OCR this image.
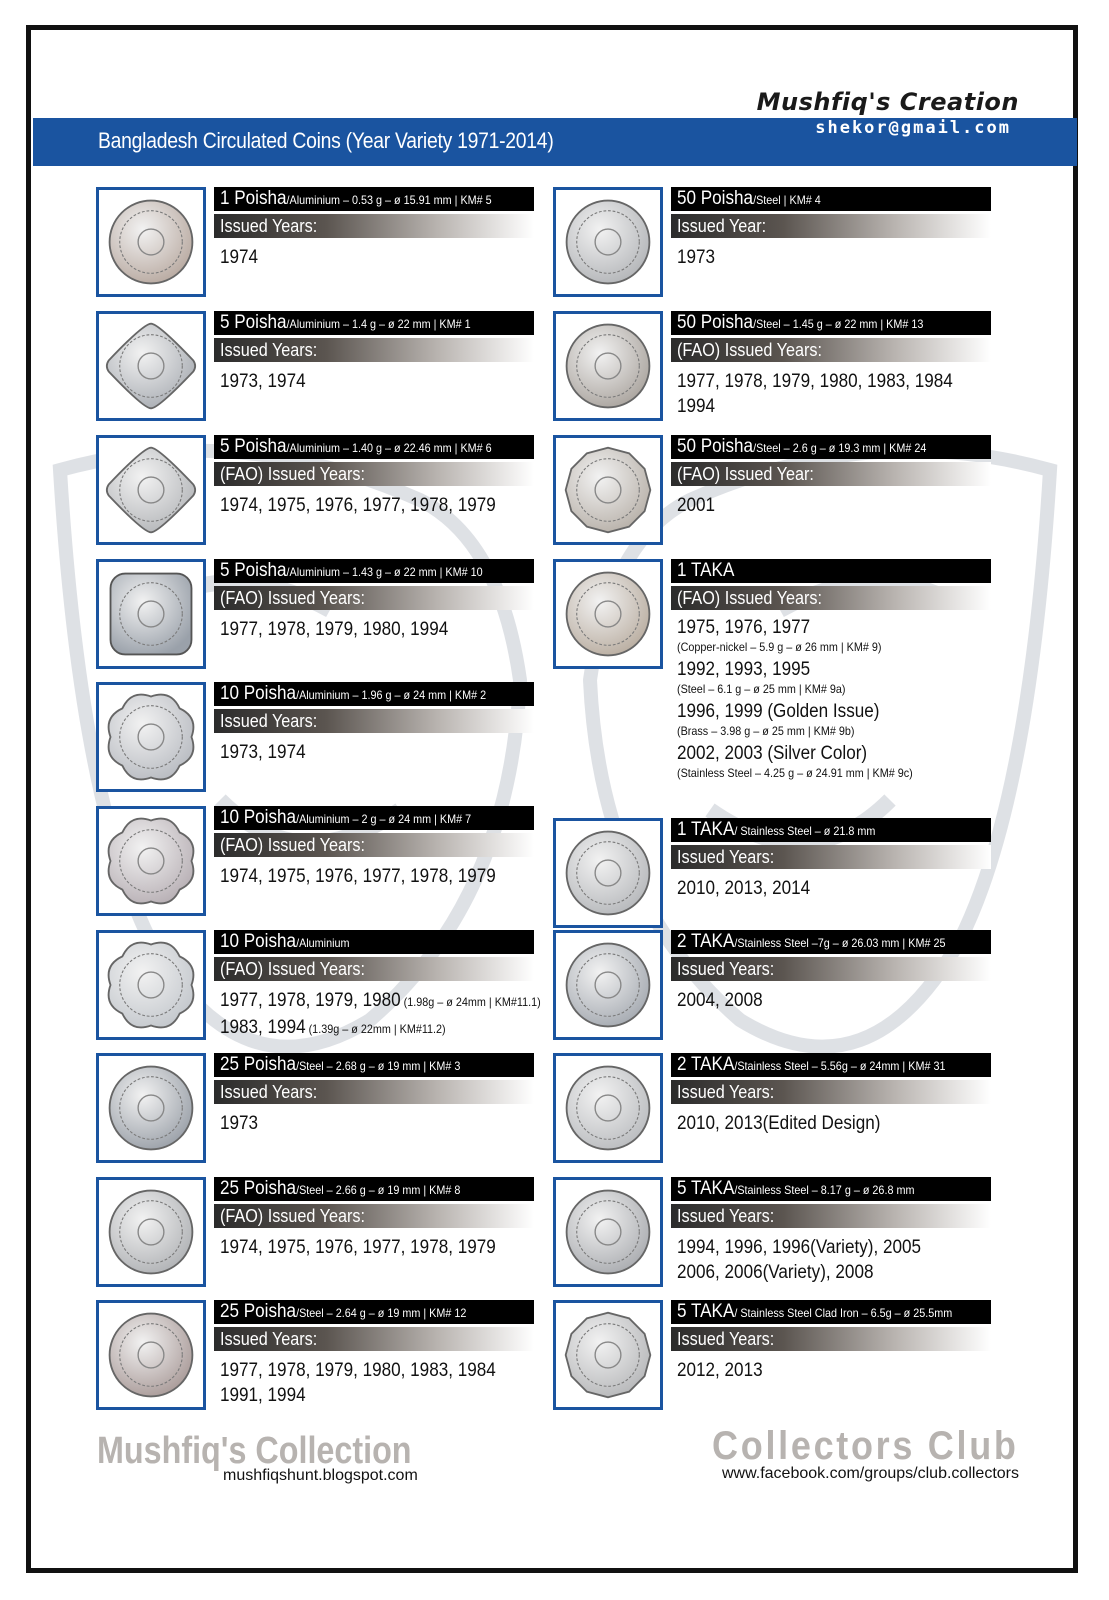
Mushfiq's Creation
Bangladesh Circulated Coins (Year Variety 1971-2014)	shekor@gmail.com
1 Poisha/Aluminium – 0.53 g – ø 15.91 mm | KM# 5
Issued Years:
1974
5 Poisha/Aluminium – 1.4 g – ø 22 mm | KM# 1
Issued Years:
1973, 1974
5 Poisha/Aluminium – 1.40 g – ø 22.46 mm | KM# 6
(FAO) Issued Years:
1974, 1975, 1976, 1977, 1978, 1979
5 Poisha/Aluminium – 1.43 g – ø 22 mm | KM# 10
(FAO) Issued Years:
1977, 1978, 1979, 1980, 1994
10 Poisha/Aluminium – 1.96 g – ø 24 mm | KM# 2
Issued Years:
1973, 1974
10 Poisha/Aluminium – 2 g – ø 24 mm | KM# 7
(FAO) Issued Years:
1974, 1975, 1976, 1977, 1978, 1979
10 Poisha/Aluminium
(FAO) Issued Years:
1977, 1978, 1979, 1980 (1.98g – ø 24mm | KM#11.1)
1983, 1994 (1.39g – ø 22mm | KM#11.2)
25 Poisha/Steel – 2.68 g – ø 19 mm | KM# 3
Issued Years:
1973
25 Poisha/Steel – 2.66 g – ø 19 mm | KM# 8
(FAO) Issued Years:
1974, 1975, 1976, 1977, 1978, 1979
25 Poisha/Steel – 2.64 g – ø 19 mm | KM# 12
Issued Years:
1977, 1978, 1979, 1980, 1983, 1984
1991, 1994
50 Poisha/Steel | KM# 4
Issued Year:
1973
50 Poisha/Steel – 1.45 g – ø 22 mm | KM# 13
(FAO) Issued Years:
1977, 1978, 1979, 1980, 1983, 1984
1994
50 Poisha/Steel – 2.6 g – ø 19.3 mm | KM# 24
(FAO) Issued Year:
2001
1 TAKA
(FAO) Issued Years:
1975, 1976, 1977
(Copper-nickel – 5.9 g – ø 26 mm | KM# 9)
1992, 1993, 1995
(Steel – 6.1 g – ø 25 mm | KM# 9a)
1996, 1999 (Golden Issue)
(Brass – 3.98 g – ø 25 mm | KM# 9b)
2002, 2003 (Silver Color)
(Stainless Steel – 4.25 g – ø 24.91 mm | KM# 9c)
1 TAKA/ Stainless Steel – ø 21.8 mm
Issued Years:
2010, 2013, 2014
2 TAKA/Stainless Steel –7g – ø 26.03 mm | KM# 25
Issued Years:
2004, 2008
2 TAKA/Stainless Steel – 5.56g – ø 24mm | KM# 31
Issued Years:
2010, 2013(Edited Design)
5 TAKA/Stainless Steel – 8.17 g – ø 26.8 mm
Issued Years:
1994, 1996, 1996(Variety), 2005
2006, 2006(Variety), 2008
5 TAKA/ Stainless Steel Clad Iron – 6.5g – ø 25.5mm
Issued Years:
2012, 2013
Mushfiq's Collection
mushfiqshunt.blogspot.com
Collectors Club
www.facebook.com/groups/club.collectors
